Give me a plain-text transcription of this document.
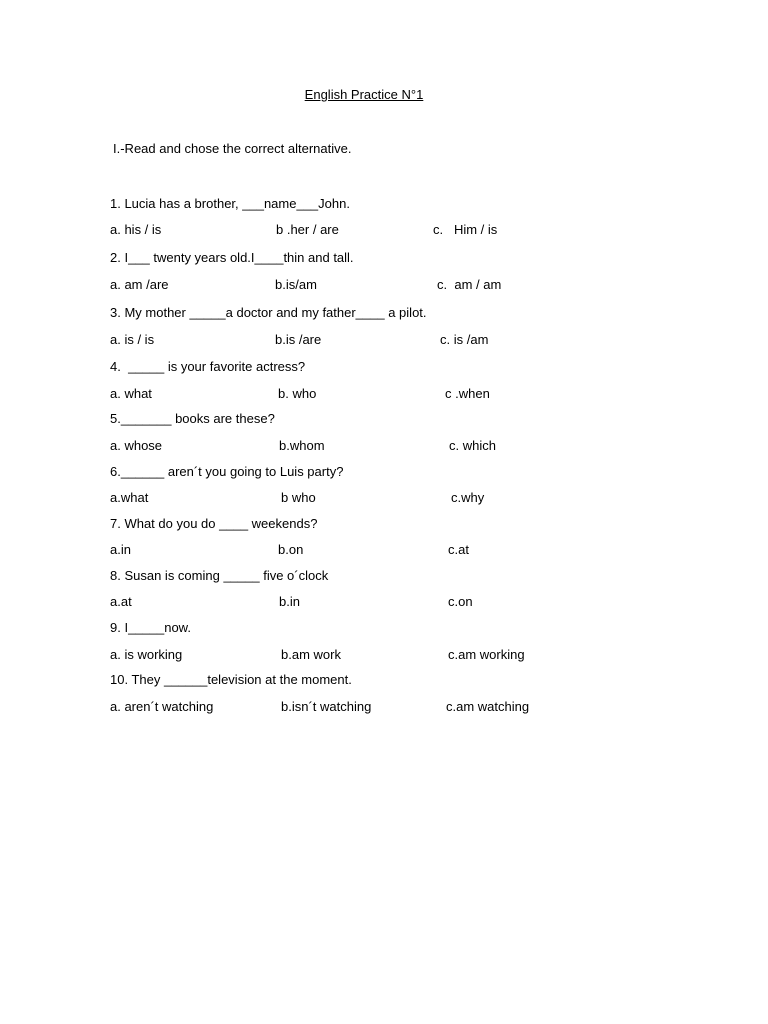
English Practice N°1
I.-Read and chose the correct alternative.
1. Lucia has a brother, ___name___John.
a. his / is	b .her / are	c.   Him / is
2. I___ twenty years old.I____thin and tall.
a. am /are	b.is/am	c.  am / am
3. My mother _____a doctor and my father____ a pilot.
a. is / is	b.is /are	c. is /am
4.  _____ is your favorite actress?
a. what	b. who	c .when
5._______ books are these?
a. whose	b.whom	c. which
6.______ aren´t you going to Luis party?
a.what	b who	c.why
7. What do you do ____ weekends?
a.in	b.on	c.at
8. Susan is coming _____ five o´clock
a.at	b.in	c.on
9. I_____now.
a. is working	b.am work	c.am working
10. They ______television at the moment.
a. aren´t watching	b.isn´t watching	c.am watching
